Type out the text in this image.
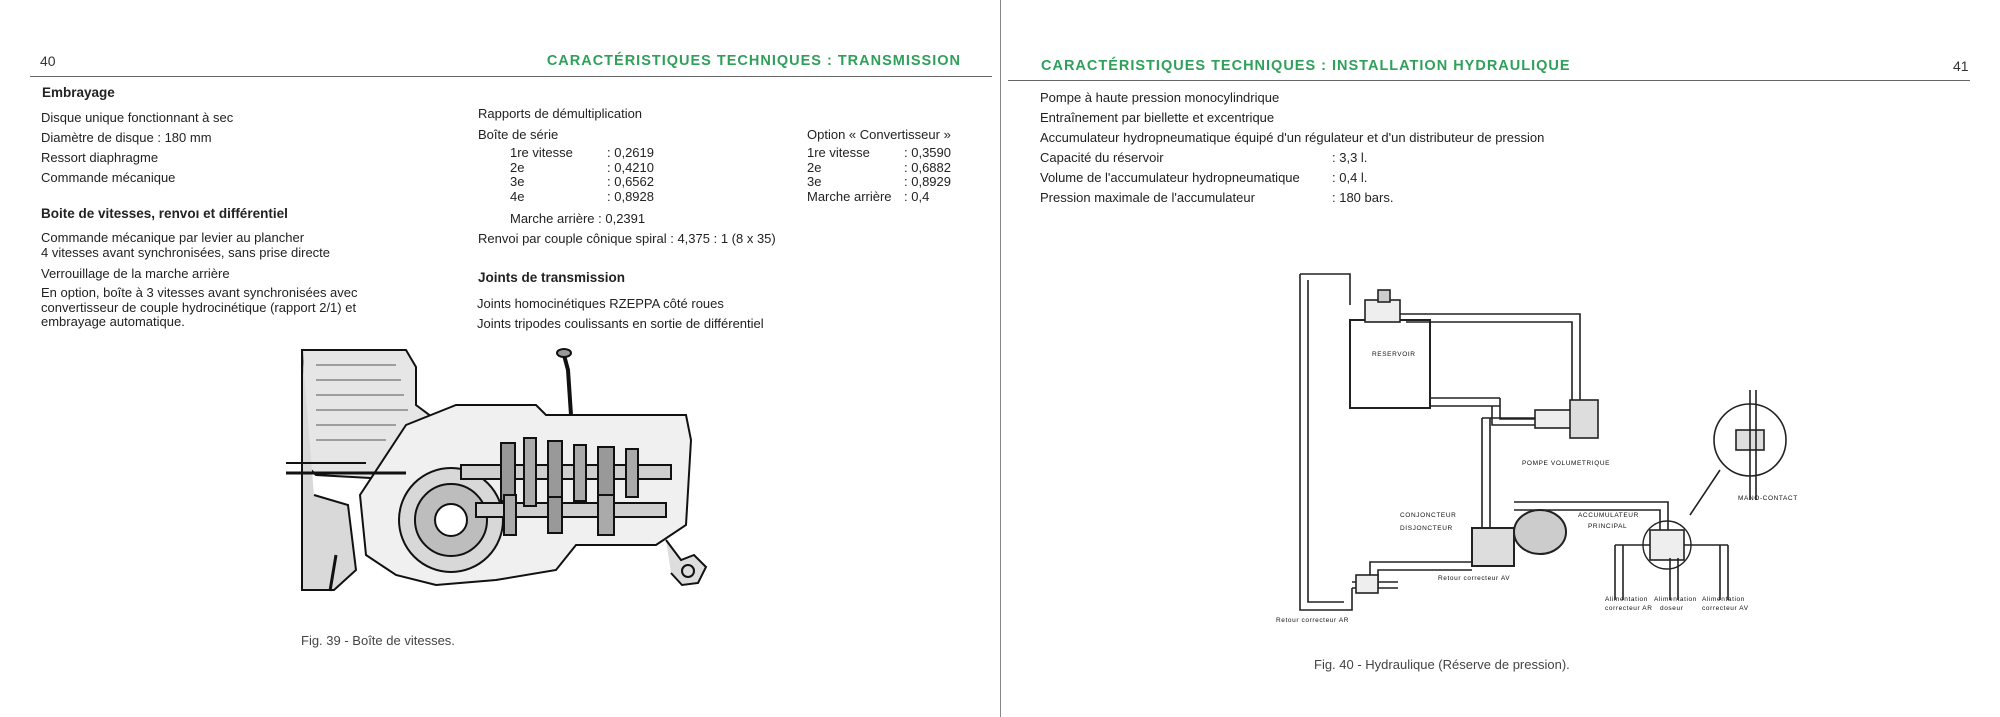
40	CARACTÉRISTIQUES TECHNIQUES : TRANSMISSION
Embrayage
Disque unique fonctionnant à sec
Diamètre de disque : 180 mm
Ressort diaphragme
Commande mécanique
Boite de vitesses, renvoı et différentiel
Commande mécanique par levier au plancher
4 vitesses avant synchronisées, sans prise directe
Verrouillage de la marche arrière
En option, boîte à 3 vitesses avant synchronisées avec
convertisseur de couple hydrocinétique (rapport 2/1) et
embrayage automatique.
Rapports de démultiplication
Boîte de série
1re vitesse
2e
3e
4e
: 0,2619
: 0,4210
: 0,6562
: 0,8928
Marche arrière : 0,2391
Option « Convertisseur »
1re vitesse
2e
3e
Marche arrière
: 0,3590
: 0,6882
: 0,8929
: 0,4
Renvoi par couple cônique spiral : 4,375 : 1 (8 x 35)
Joints de transmission
Joints homocinétiques RZEPPA côté roues
Joints tripodes coulissants en sortie de différentiel
Fig. 39 - Boîte de vitesses.
CARACTÉRISTIQUES TECHNIQUES : INSTALLATION HYDRAULIQUE	41
Pompe à haute pression monocylindrique
Entraînement par biellette et excentrique
Accumulateur hydropneumatique équipé d'un régulateur et d'un distributeur de pression
Capacité du réservoir
Volume de l'accumulateur hydropneumatique
Pression maximale de l'accumulateur
: 3,3 l.
: 0,4 l.
: 180 bars.
RESERVOIR
POMPE VOLUMETRIQUE
CONJONCTEUR
DISJONCTEUR
ACCUMULATEUR
PRINCIPAL
MANO-CONTACT
Retour correcteur AV
Retour correcteur AR
Alimentation
correcteur AR
Alimentation
doseur
Alimentation
correcteur AV
Fig. 40 - Hydraulique (Réserve de pression).
